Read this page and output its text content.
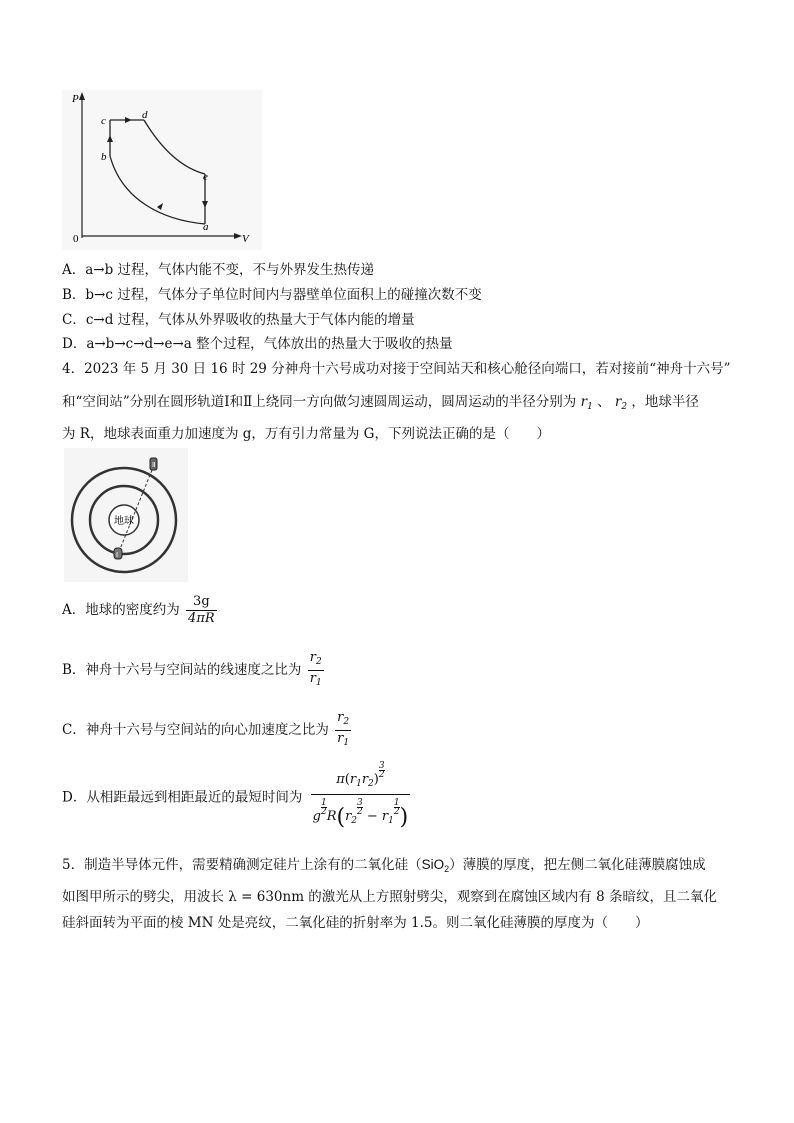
P
V
0
c	d
b
e
a
A．a→b 过程，气体内能不变，不与外界发生热传递
B．b→c 过程，气体分子单位时间内与器壁单位面积上的碰撞次数不变
C．c→d 过程，气体从外界吸收的热量大于气体内能的增量
D．a→b→c→d→e→a 整个过程，气体放出的热量大于吸收的热量
4．2023 年 5 月 30 日 16 时 29 分神舟十六号成功对接于空间站天和核心舱径向端口，若对接前“神舟十六号”
和“空间站”分别在圆形轨道Ⅰ和Ⅱ上绕同一方向做匀速圆周运动，圆周运动的半径分别为 $r_1$ 、 $r_2$ ，地球半径
为 R，地球表面重力加速度为 g，万有引力常量为 G，下列说法正确的是（　　）
地球
Ⅱ
Ⅰ
A．地球的密度约为 $\frac{3g}{4\pi R}$
B．神舟十六号与空间站的线速度之比为 $\frac{r_2}{r_1}$
C．神舟十六号与空间站的向心加速度之比为 $\frac{r_2}{r_1}$
D．从相距最远到相距最近的最短时间为
$\pi(r_1r_2)^{3 2}$
$g^{1 2}R(r_2^{3 2} - r_1^{1 2})$
5．制造半导体元件，需要精确测定硅片上涂有的二氧化硅（SiO$_2$）薄膜的厚度，把左侧二氧化硅薄膜腐蚀成
如图甲所示的劈尖，用波长 λ = 630nm 的激光从上方照射劈尖，观察到在腐蚀区域内有 8 条暗纹，且二氧化
硅斜面转为平面的棱 MN 处是亮纹，二氧化硅的折射率为 1.5。则二氧化硅薄膜的厚度为（　　）
